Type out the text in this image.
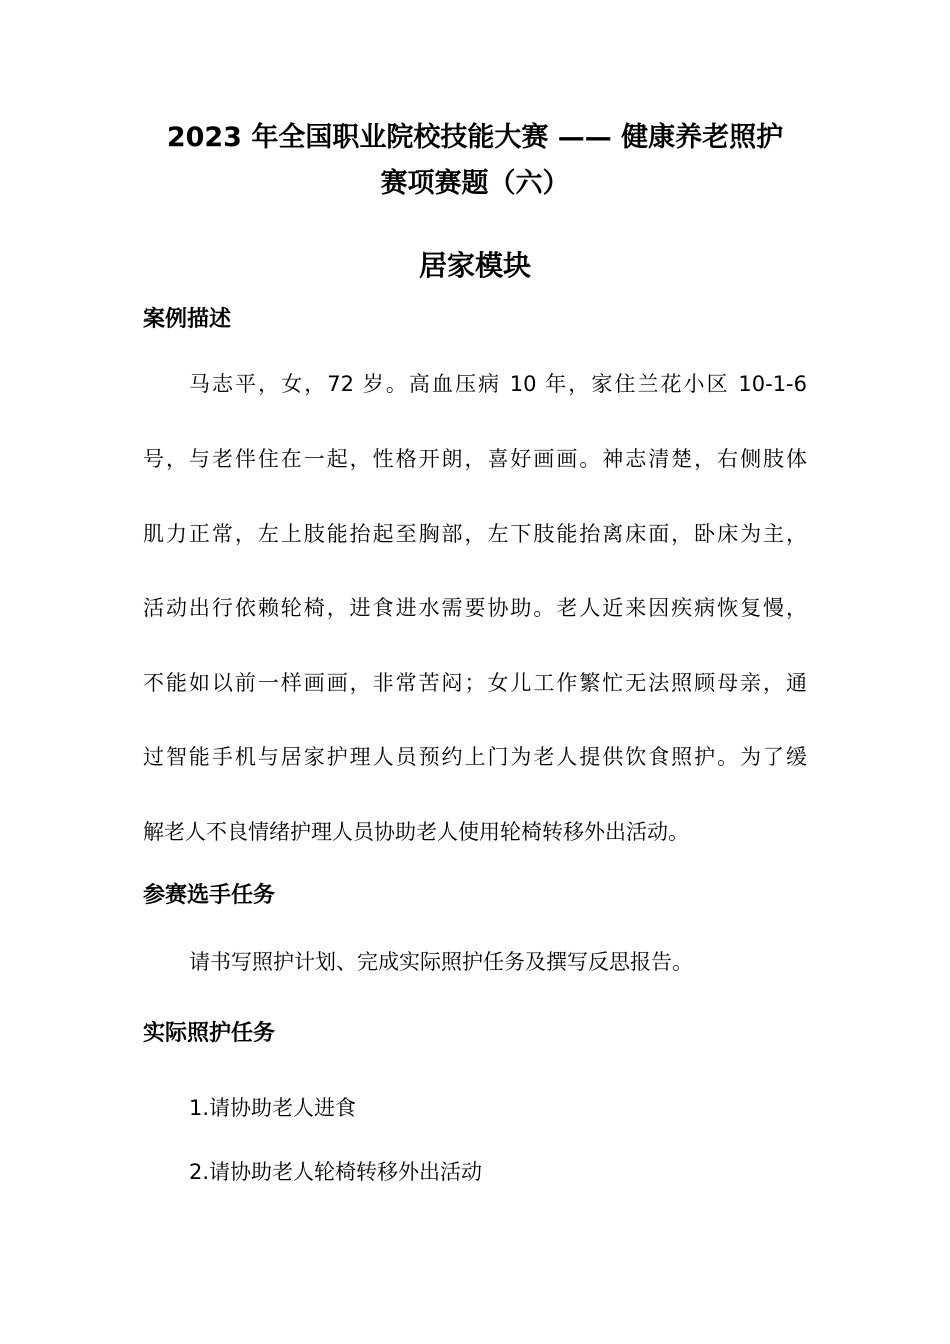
2023 年全国职业院校技能大赛 —— 健康养老照护
赛项赛题（六）
居家模块
案例描述
马志平，女，72 岁。高血压病 10 年，家住兰花小区 10-1-6
号，与老伴住在一起，性格开朗，喜好画画。神志清楚，右侧肢体
肌力正常，左上肢能抬起至胸部，左下肢能抬离床面，卧床为主，
活动出行依赖轮椅，进食进水需要协助。老人近来因疾病恢复慢，
不能如以前一样画画，非常苦闷；女儿工作繁忙无法照顾母亲，通
过智能手机与居家护理人员预约上门为老人提供饮食照护。为了缓
解老人不良情绪护理人员协助老人使用轮椅转移外出活动。
参赛选手任务
请书写照护计划、完成实际照护任务及撰写反思报告。
实际照护任务
1.请协助老人进食
2.请协助老人轮椅转移外出活动
